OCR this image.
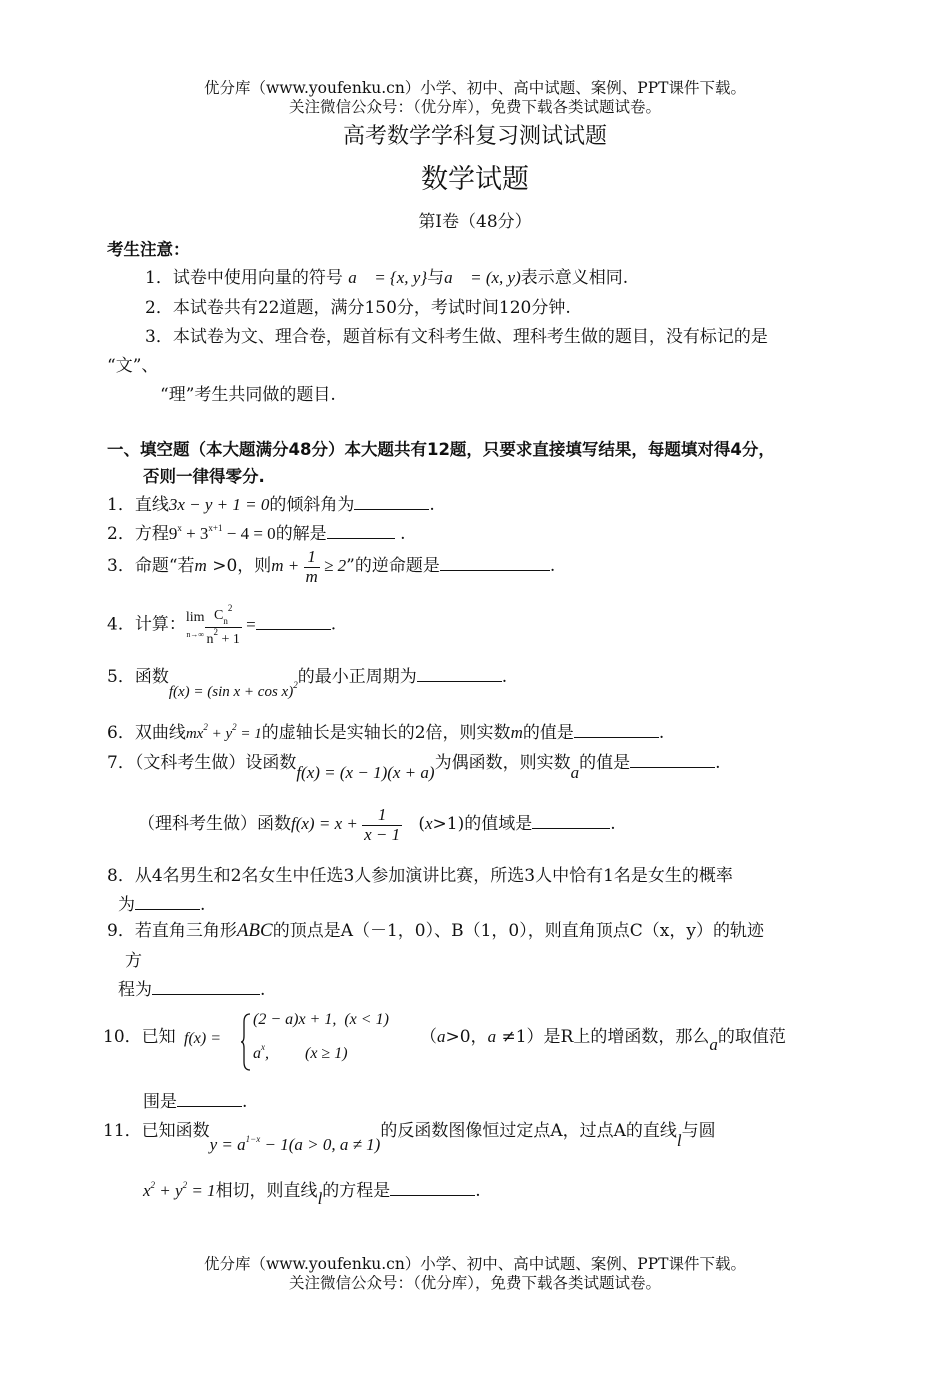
优分库（www.youfenku.cn）小学、初中、高中试题、案例、PPT课件下载。
关注微信公众号：（优分库），免费下载各类试题试卷。
高考数学学科复习测试试题
数学试题
第Ⅰ卷（48分）
考生注意：
1．试卷中使用向量的符号 a⃗ = {x, y}与a⃗ = (x, y)表示意义相同.
2．本试卷共有22道题，满分150分，考试时间120分钟.
3．本试卷为文、理合卷，题首标有文科考生做、理科考生做的题目，没有标记的是
“文”、
“理”考生共同做的题目.
一、填空题（本大题满分48分）本大题共有12题，只要求直接填写结果，每题填对得4分，
否则一律得零分.
1．直线3x − y + 1 = 0的倾斜角为	.
2．方程$9^x + 3^{x+1} - 4 = 0$的解是	.
3．命题“若m >0，则$m + \frac{1}{m} \ge 2$”的逆命题是	.
4．计算：lim
$n\to\infty \frac{C_n^2}{n^2 + 1}$ =	.
5．函数f(x) = (sin x + cos x)$^2$的最小正周期为	.
6．双曲线$mx^2 + y^2 = 1$的虚轴长是实轴长的2倍，则实数m的值是	.
7．（文科考生做）设函数f(x) = (x − 1)(x + a)为偶函数，则实数a的值是	.
（理科考生做）函数$f(x) = x + \frac{1}{x - 1} (x>1)$的值域是	.
8．从4名男生和2名女生中任选3人参加演讲比赛，所选3人中恰有1名是女生的概率
为	.
9．若直角三角形ABC的顶点是A（－1，0）、B（1，0），则直角顶点C（x，y）的轨迹
方
程为	.
10．已知 f(x) =
(2 − a)x + 1,  (x < 1)
$a^x$,         (x ≥ 1)
（a>0，a ≠1）是R上的增函数，那么a的取值范
围是	.
11．已知函数$y = a^{1-x} - 1(a > 0$, a ≠ 1)的反函数图像恒过定点A，过点A的直线l与圆
$x^2 + y^2 = 1$相切，则直线l的方程是	.
优分库（www.youfenku.cn）小学、初中、高中试题、案例、PPT课件下载。
关注微信公众号：（优分库），免费下载各类试题试卷。
